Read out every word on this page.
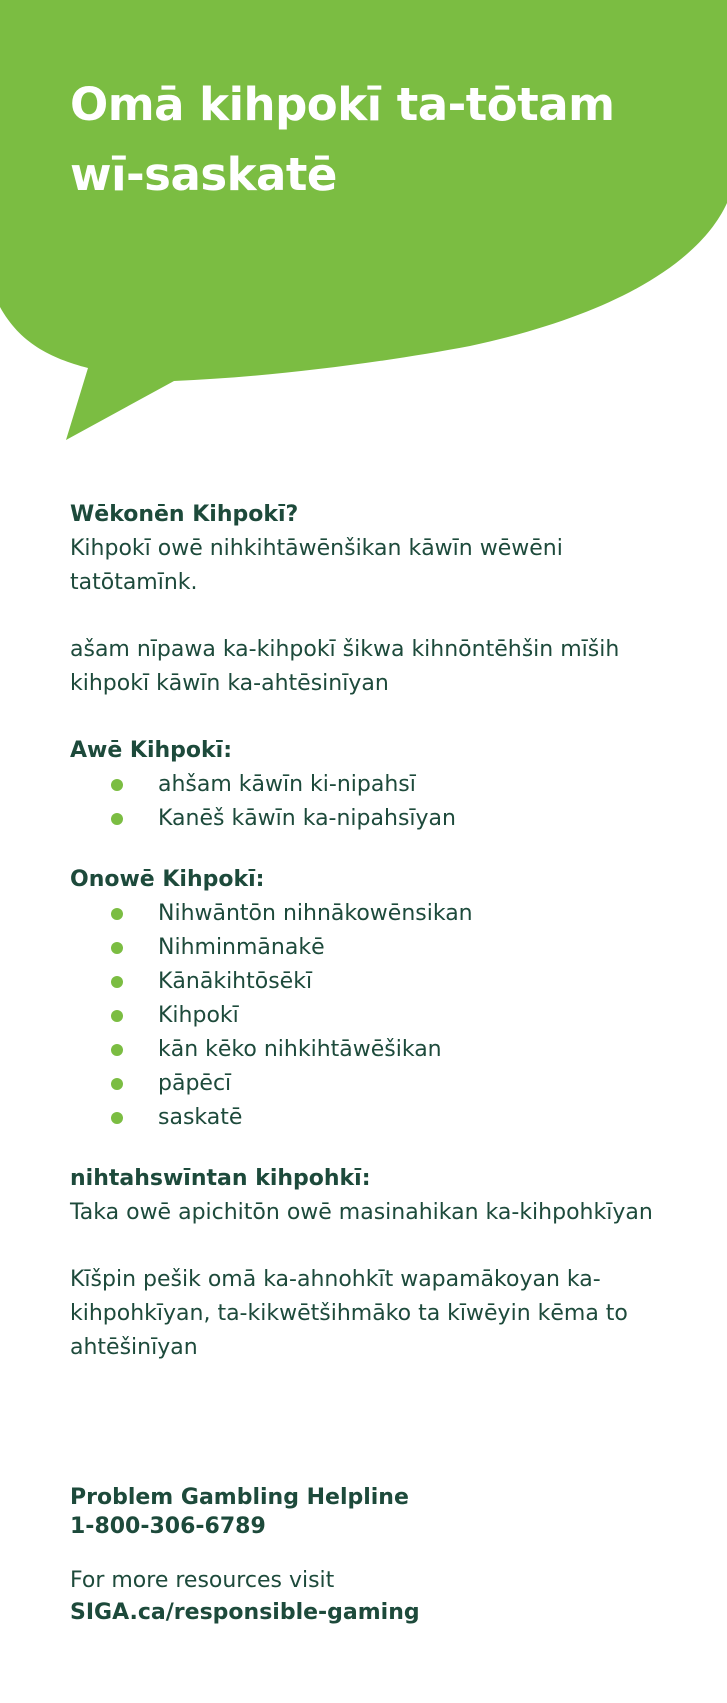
Omā kihpokī ta-tōtam
wī-saskatē

Wēkonēn Kihpokī?

Kihpokī owē nihkihtāwēnšikan kāwīn wēwēni tatōtamīnk.

ašam nīpawa ka-kihpokī šikwa kihnōntēhšin mīših kihpokī kāwīn ka-ahtēsinīyan

Awē Kihpokī:

ahšam kāwīn ki-nipahsī
Kanēš kāwīn ka-nipahsīyan

Onowē Kihpokī:

Nihwāntōn nihnākowēnsikan
Nihminmānakē
Kānākihtōsēkī
Kihpokī
kān kēko nihkihtāwēšikan
pāpēcī
saskatē

nihtahswīntan kihpohkī:

Taka owē apichitōn owē masinahikan ka-kihpohkīyan

Kīšpin pešik omā ka-ahnohkīt wapamākoyan ka-kihpohkīyan, ta-kikwētšihmāko ta kīwēyin kēma to ahtēšinīyan

Problem Gambling Helpline

1-800-306-6789

For more resources visit

SIGA.ca/responsible-gaming
